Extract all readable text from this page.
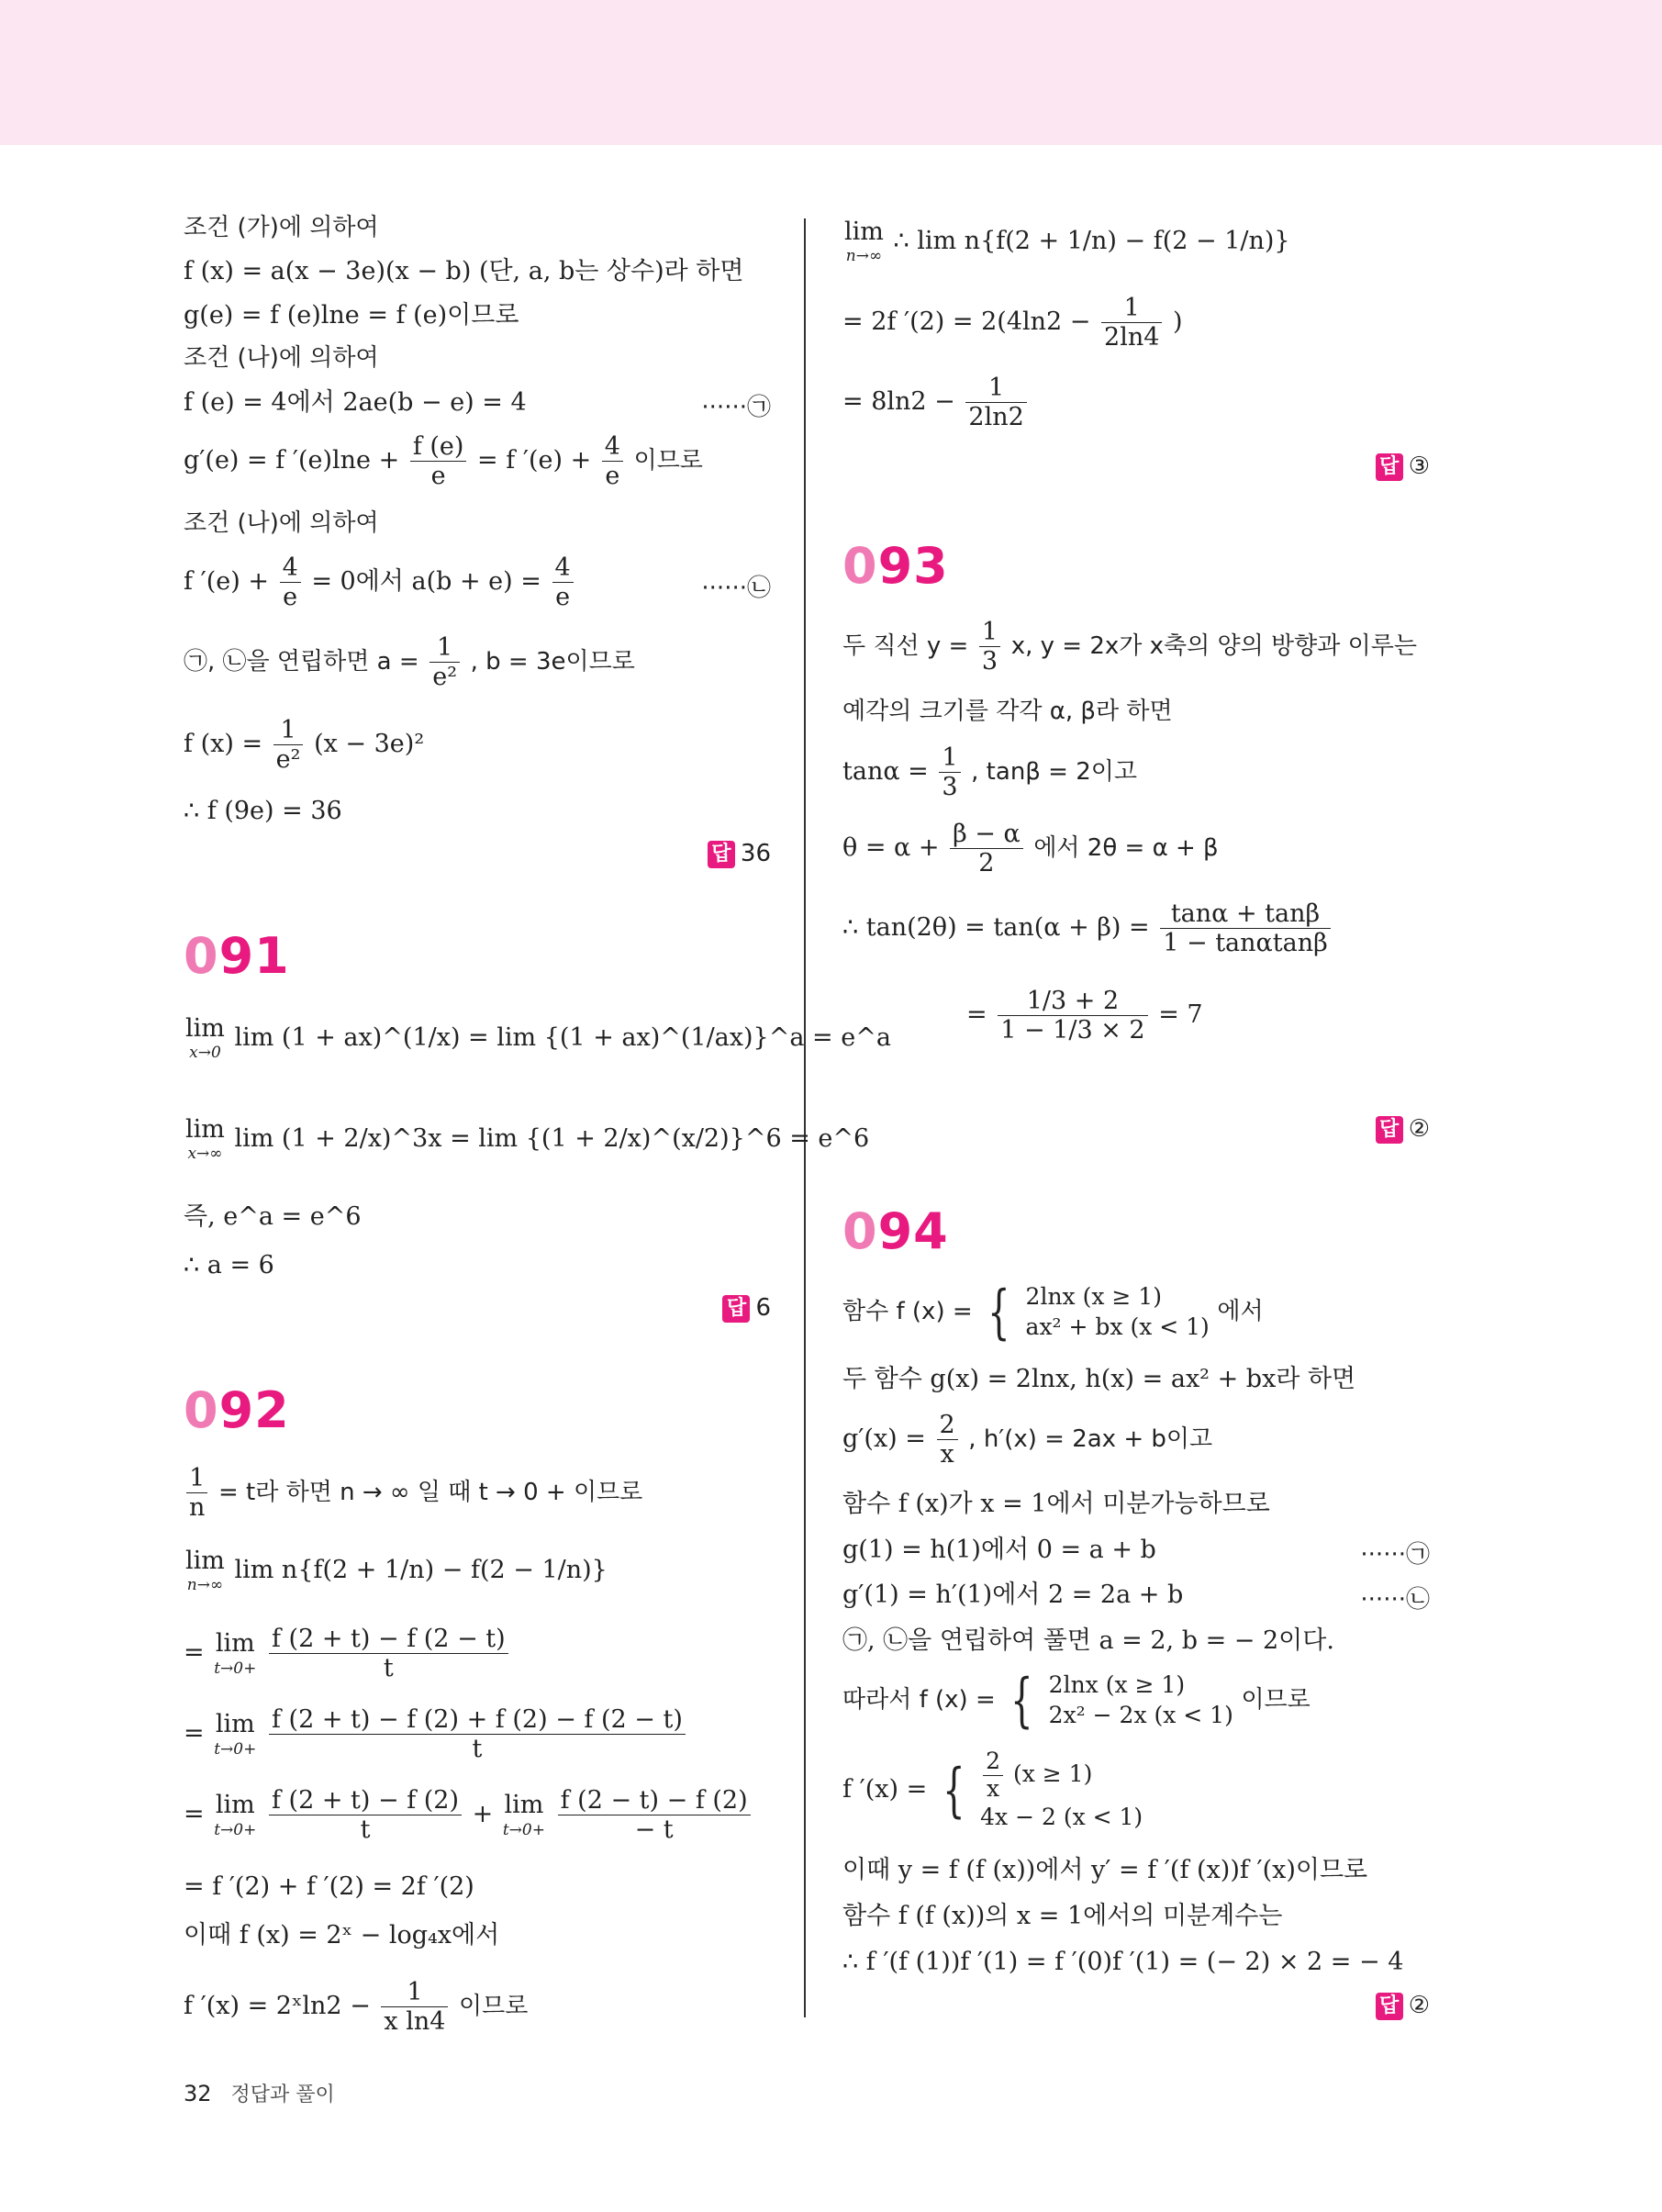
조건 (가)에 의하여
f (x) = a(x − 3e)(x − b) (단, a, b는 상수)라 하면
g(e) = f (e)lne = f (e)이므로
조건 (나)에 의하여
f (e) = 4에서 2ae(b − e) = 4	······㉠
g′(e) = f $'(e)\ln e + \frac{f (e)}{e} = f$ $'(e) + \frac{4}{e}$ 이므로
조건 (나)에 의하여
f $'(e) + \frac{4}{e} = 0$에서 $a(b + e) = \frac{4}{e}$	······㉡
㉠, ㉡을 연립하면 $a = \frac{1}{\text{e²}}$ , b = 3e이므로
f $(x) = \frac{1}{\text{e²}} (x - 3e)^2$
∴ f (9e) = 36
답 36
091
lim
x→0
lim (1 + ax)^(1/x) = lim {(1 + ax)^(1/ax)}^a = e^a
lim
x→∞
lim (1 + 2/x)^3x = lim {(1 + 2/x)^(x/2)}^6 = e^6
즉, e^a = e^6
∴ a = 6
답 6
092
$\frac{1}{n} = t$라 하면 n → ∞ 일 때 t → 0 + 이므로
lim
n→∞
lim n{f(2 + 1/n) − f(2 − 1/n)}
= lim
t→0+
$\frac{f (2 + t) - f (2 - t)}{t}$
= lim
t→0+
$\frac{f (2 + t) - f (2) + f (2) - f (2 - t)}{t}$
= lim
t→0+
$\frac{f (2 + t) - f (2)}{t} + \lim$
t→0+
$\frac{f (2 - t) - f (2)}{- t}$
= f ′(2) + f ′(2) = 2f ′(2)
이때 f (x) = 2ˣ − log₄x에서
f ′(x) = 2ˣln2 − $\frac{1}{\text{x ln4}}$ 이므로
lim
n→∞
∴ lim n{f(2 + 1/n) − f(2 − 1/n)}
= 2f $'(2) = 2(4\ln 2 - \frac{1}{2\ln 4}$ )
= $8\ln 2 - \frac{1}{2\ln 2}$
답 ③
093
두 직선 $y = \frac{1}{3} x$, y = 2x가 x축의 양의 방향과 이루는
예각의 크기를 각각 α, β라 하면
$\tan\alpha = \frac{1}{3}$ , tanβ = 2이고
$\theta = \alpha + \frac{\beta - \alpha}{2}$ 에서 2θ = α + β
∴ $\tan(2\theta) = \tan(\alpha + \beta) = \frac{\tan\alpha + \tan\beta}{1 - \tan\alpha\tan\beta}$
= $\frac{1/3 + 2}{1 - 1/3 \times 2} = 7$
답 ②
094
함수 f (x) = { 2lnx (x ≥ 1)
ax² + bx (x < 1)
에서
두 함수 g(x) = 2lnx, h(x) = ax² + bx라 하면
$g'(x) = \frac{2}{x}$ , h′(x) = 2ax + b이고
함수 f (x)가 x = 1에서 미분가능하므로
g(1) = h(1)에서 0 = a + b	······㉠
g′(1) = h′(1)에서 2 = 2a + b	······㉡
㉠, ㉡을 연립하여 풀면 a = 2, b = − 2이다.
따라서 f (x) = { 2lnx (x ≥ 1)
2x² − 2x (x < 1)
이므로
f ′(x) = { $\frac{2}{x} (x \ge 1)$
4x − 2 (x < 1)
이때 y = f (f (x))에서 y′ = f ′(f (x))f ′(x)이므로
함수 f (f (x))의 x = 1에서의 미분계수는
∴ f ′(f (1))f ′(1) = f ′(0)f ′(1) = (− 2) × 2 = − 4
답 ②
32 정답과 풀이
